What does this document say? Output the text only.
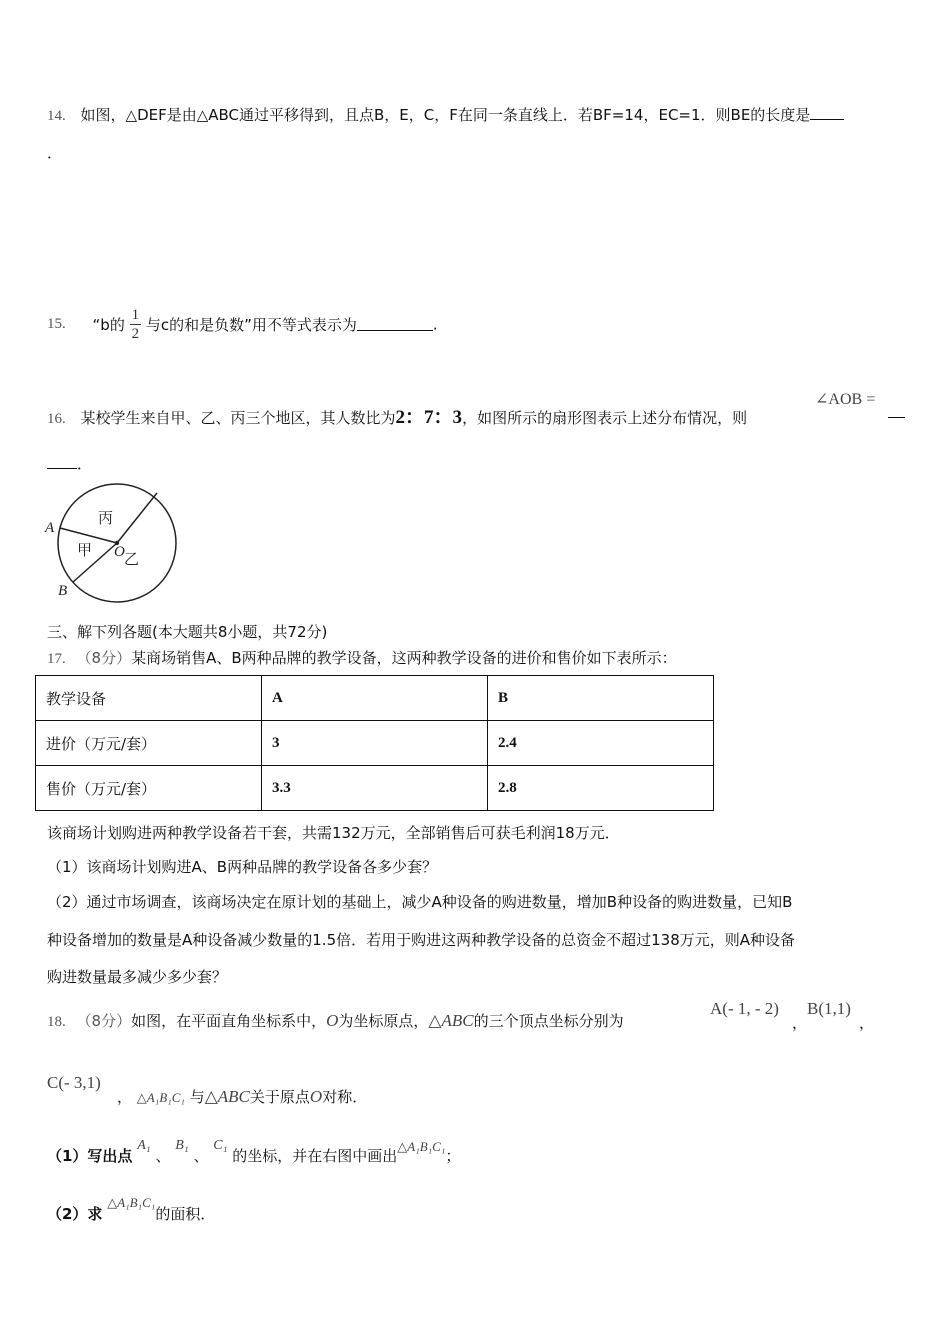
14. 如图，△DEF是由△ABC通过平移得到，且点B，E，C，F在同一条直线上．若BF=14，EC=1．则BE的长度是
．
15. “b的 $\frac{1}{2}$ 与c的和是负数”用不等式表示为	.
16. 某校学生来自甲、乙、丙三个地区，其人数比为2：7：3，如图所示的扇形图表示上述分布情况，则
∠AOB =
．
A
B
O
甲 乙
丙
三、解下列各题(本大题共8小题，共72分)
17. （8分）某商场销售A、B两种品牌的教学设备，这两种教学设备的进价和售价如下表所示：
教学设备	A	B
进价（万元/套）	3	2.4
售价（万元/套）	3.3	2.8
该商场计划购进两种教学设备若干套，共需132万元，全部销售后可获毛利润18万元．
（1）该商场计划购进A、B两种品牌的教学设备各多少套？
（2）通过市场调查，该商场决定在原计划的基础上，减少A种设备的购进数量，增加B种设备的购进数量，已知B
种设备增加的数量是A种设备减少数量的1.5倍．若用于购进这两种教学设备的总资金不超过138万元，则A种设备
购进数量最多减少多少套？
18. （8分）如图，在平面直角坐标系中，O为坐标原点，△ABC的三个顶点坐标分别为
A(- 1, - 2)
，
B(1,1)
，
C(- 3,1)
， △A₁B₁C₁ 与△ABC关于原点O对称．
（1）写出点 A₁ 、 B₁ 、 C₁ 的坐标，并在右图中画出△A₁B₁C₁；
（2）求 △A₁B₁C₁的面积．
